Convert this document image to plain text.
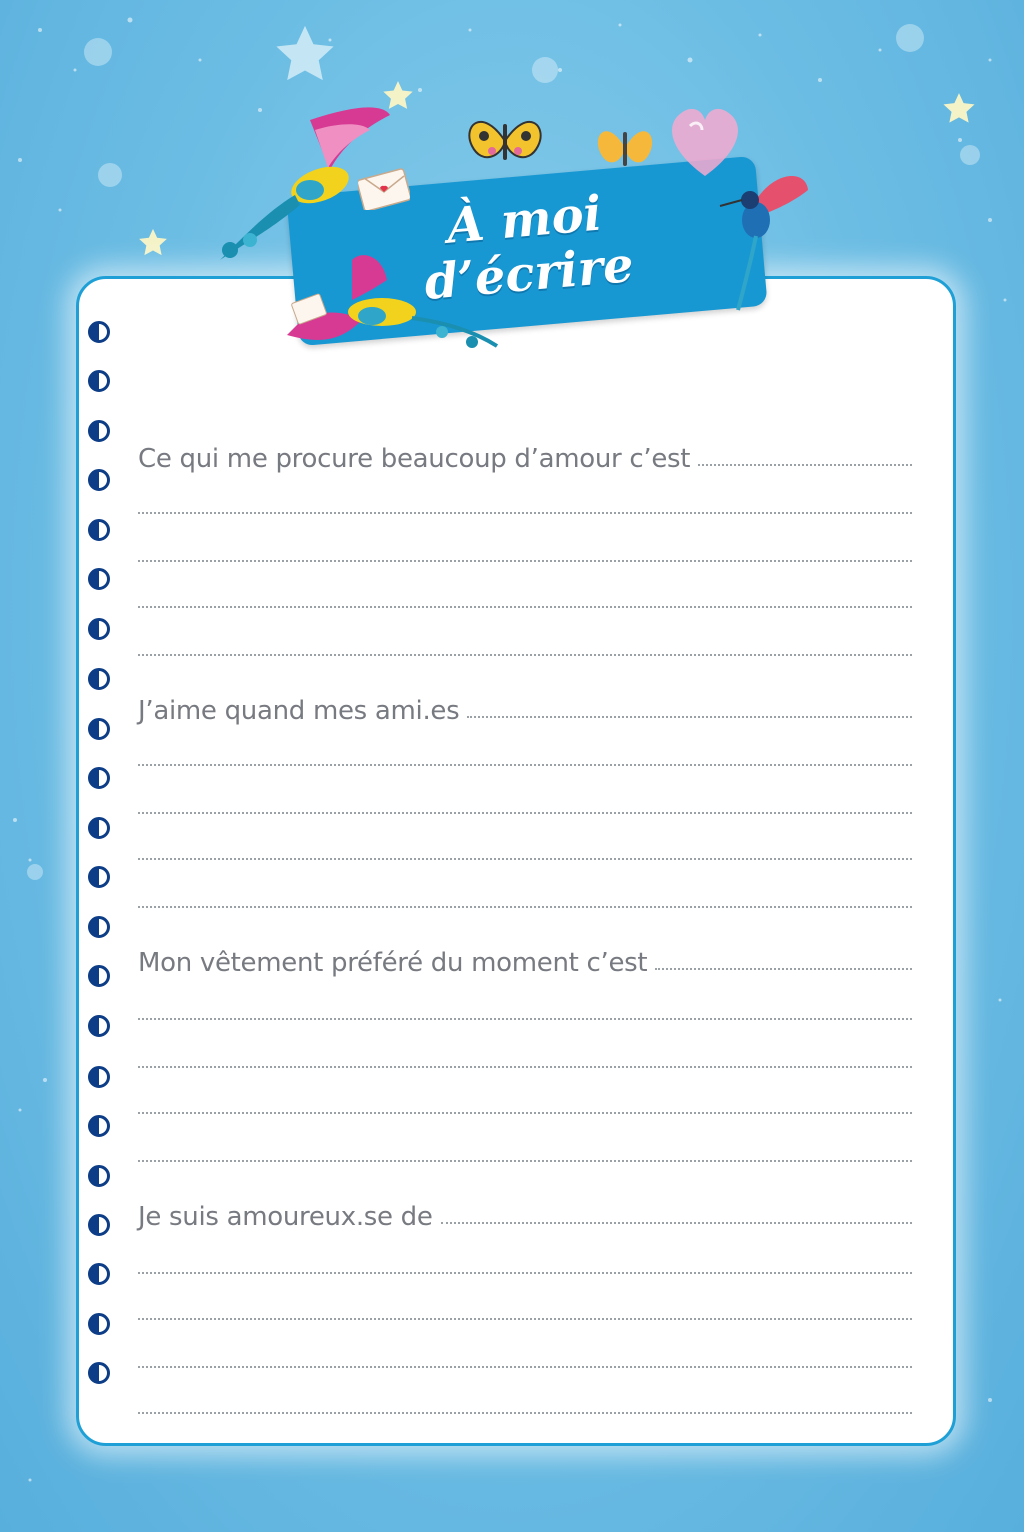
À moi
d’écrire
Ce qui me procure beaucoup d’amour c’est
J’aime quand mes ami.es
Mon vêtement préféré du moment c’est
Je suis amoureux.se de
